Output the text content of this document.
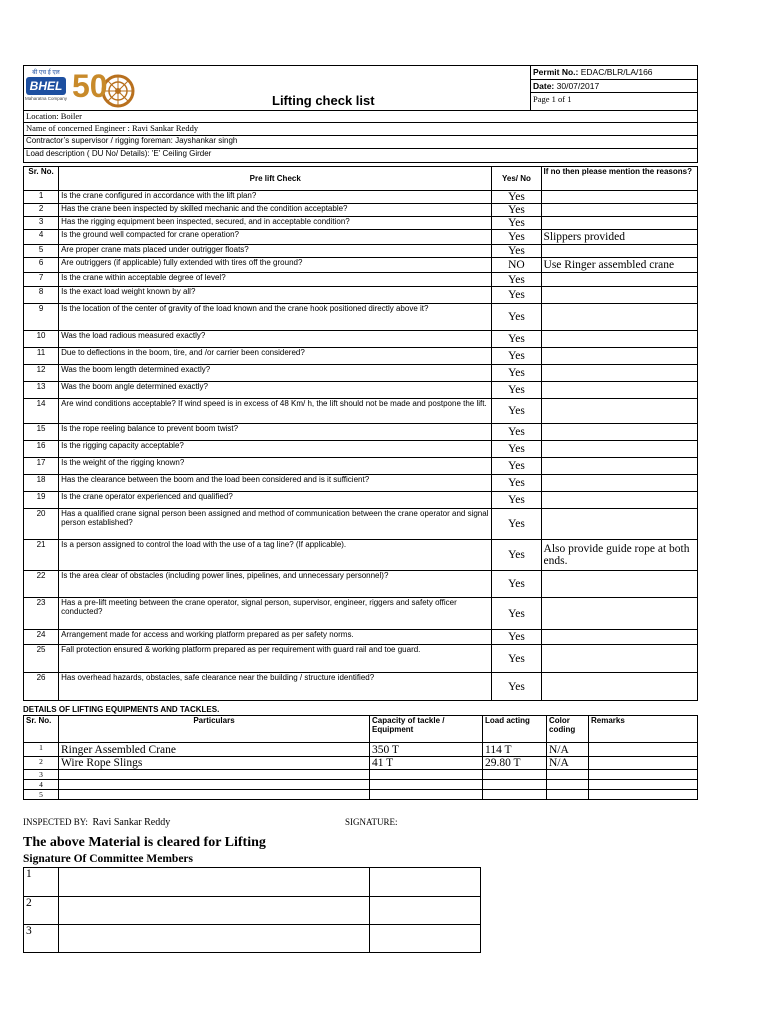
बी एच ई एल
BHEL
Maharatna Company 50	Lifting check list
Permit No.: EDAC/BLR/LA/166
Date: 30/07/2017
Page 1 of 1
Location: Boiler
Name of concerned Engineer : Ravi Sankar Reddy
Contractor’s supervisor / rigging foreman: Jayshankar singh
Load description ( DU No/ Details): 'E' Ceiling Girder
Sr. No.	Pre lift Check	Yes/ No	If no then please mention the reasons?
1	Is the crane configured in accordance with the lift plan?	Yes	
2	Has the crane been inspected by skilled mechanic and the condition acceptable?	Yes	
3	Has the rigging equipment been inspected, secured, and in acceptable condition?	Yes	
4	Is the ground well compacted for crane operation?	Yes	Slippers provided
5	Are proper crane mats placed under outrigger floats?	Yes	
6	Are outriggers (if applicable) fully extended with tires off the ground?	NO	Use Ringer assembled crane
7	Is the crane within acceptable degree of level?	Yes	
8	Is the exact load weight known by all?	Yes	
9	Is the location of the center of gravity of the load known and the crane hook positioned directly above it?	Yes	
10	Was the load radious measured exactly?	Yes	
11	Due to deflections in the boom, tire, and /or carrier been considered?	Yes	
12	Was the boom length determined exactly?	Yes	
13	Was the boom angle determined exactly?	Yes	
14	Are wind conditions acceptable? If wind speed is in excess of 48 Km/ h, the lift should not be made and postpone the lift.	Yes	
15	Is the rope reeling balance to prevent boom twist?	Yes	
16	Is the rigging capacity acceptable?	Yes	
17	Is the weight of the rigging known?	Yes	
18	Has the clearance between the boom and the load been considered and is it sufficient?	Yes	
19	Is the crane operator experienced and qualified?	Yes	
20	Has a qualified crane signal person been assigned and method of communication between the crane operator and signal person established?	Yes	
21	Is a person assigned to control the load with the use of a tag line? (If applicable).	Yes	Also provide guide rope at both ends.
22	Is the area clear of obstacles (including power lines, pipelines, and unnecessary personnel)?	Yes	
23	Has a pre-lift meeting between the crane operator, signal person, supervisor, engineer, riggers and safety officer conducted?	Yes	
24	Arrangement made for access and working platform prepared as per safety norms.	Yes	
25	Fall protection ensured & working platform prepared as per requirement with guard rail and toe guard.	Yes	
26	Has overhead hazards, obstacles, safe clearance near the building / structure identified?	Yes	
DETAILS OF LIFTING EQUIPMENTS AND TACKLES.
Sr. No.	Particulars	Capacity of tackle / Equipment	Load acting	Color coding	Remarks
1	Ringer Assembled Crane	350 T	114 T	N/A	
2	Wire Rope Slings	41 T	29.80 T	N/A	
3					
4					
5					
INSPECTED BY: Ravi Sankar Reddy	SIGNATURE:
The above Material is cleared for Lifting
Signature Of Committee Members
1		
2		
3		
